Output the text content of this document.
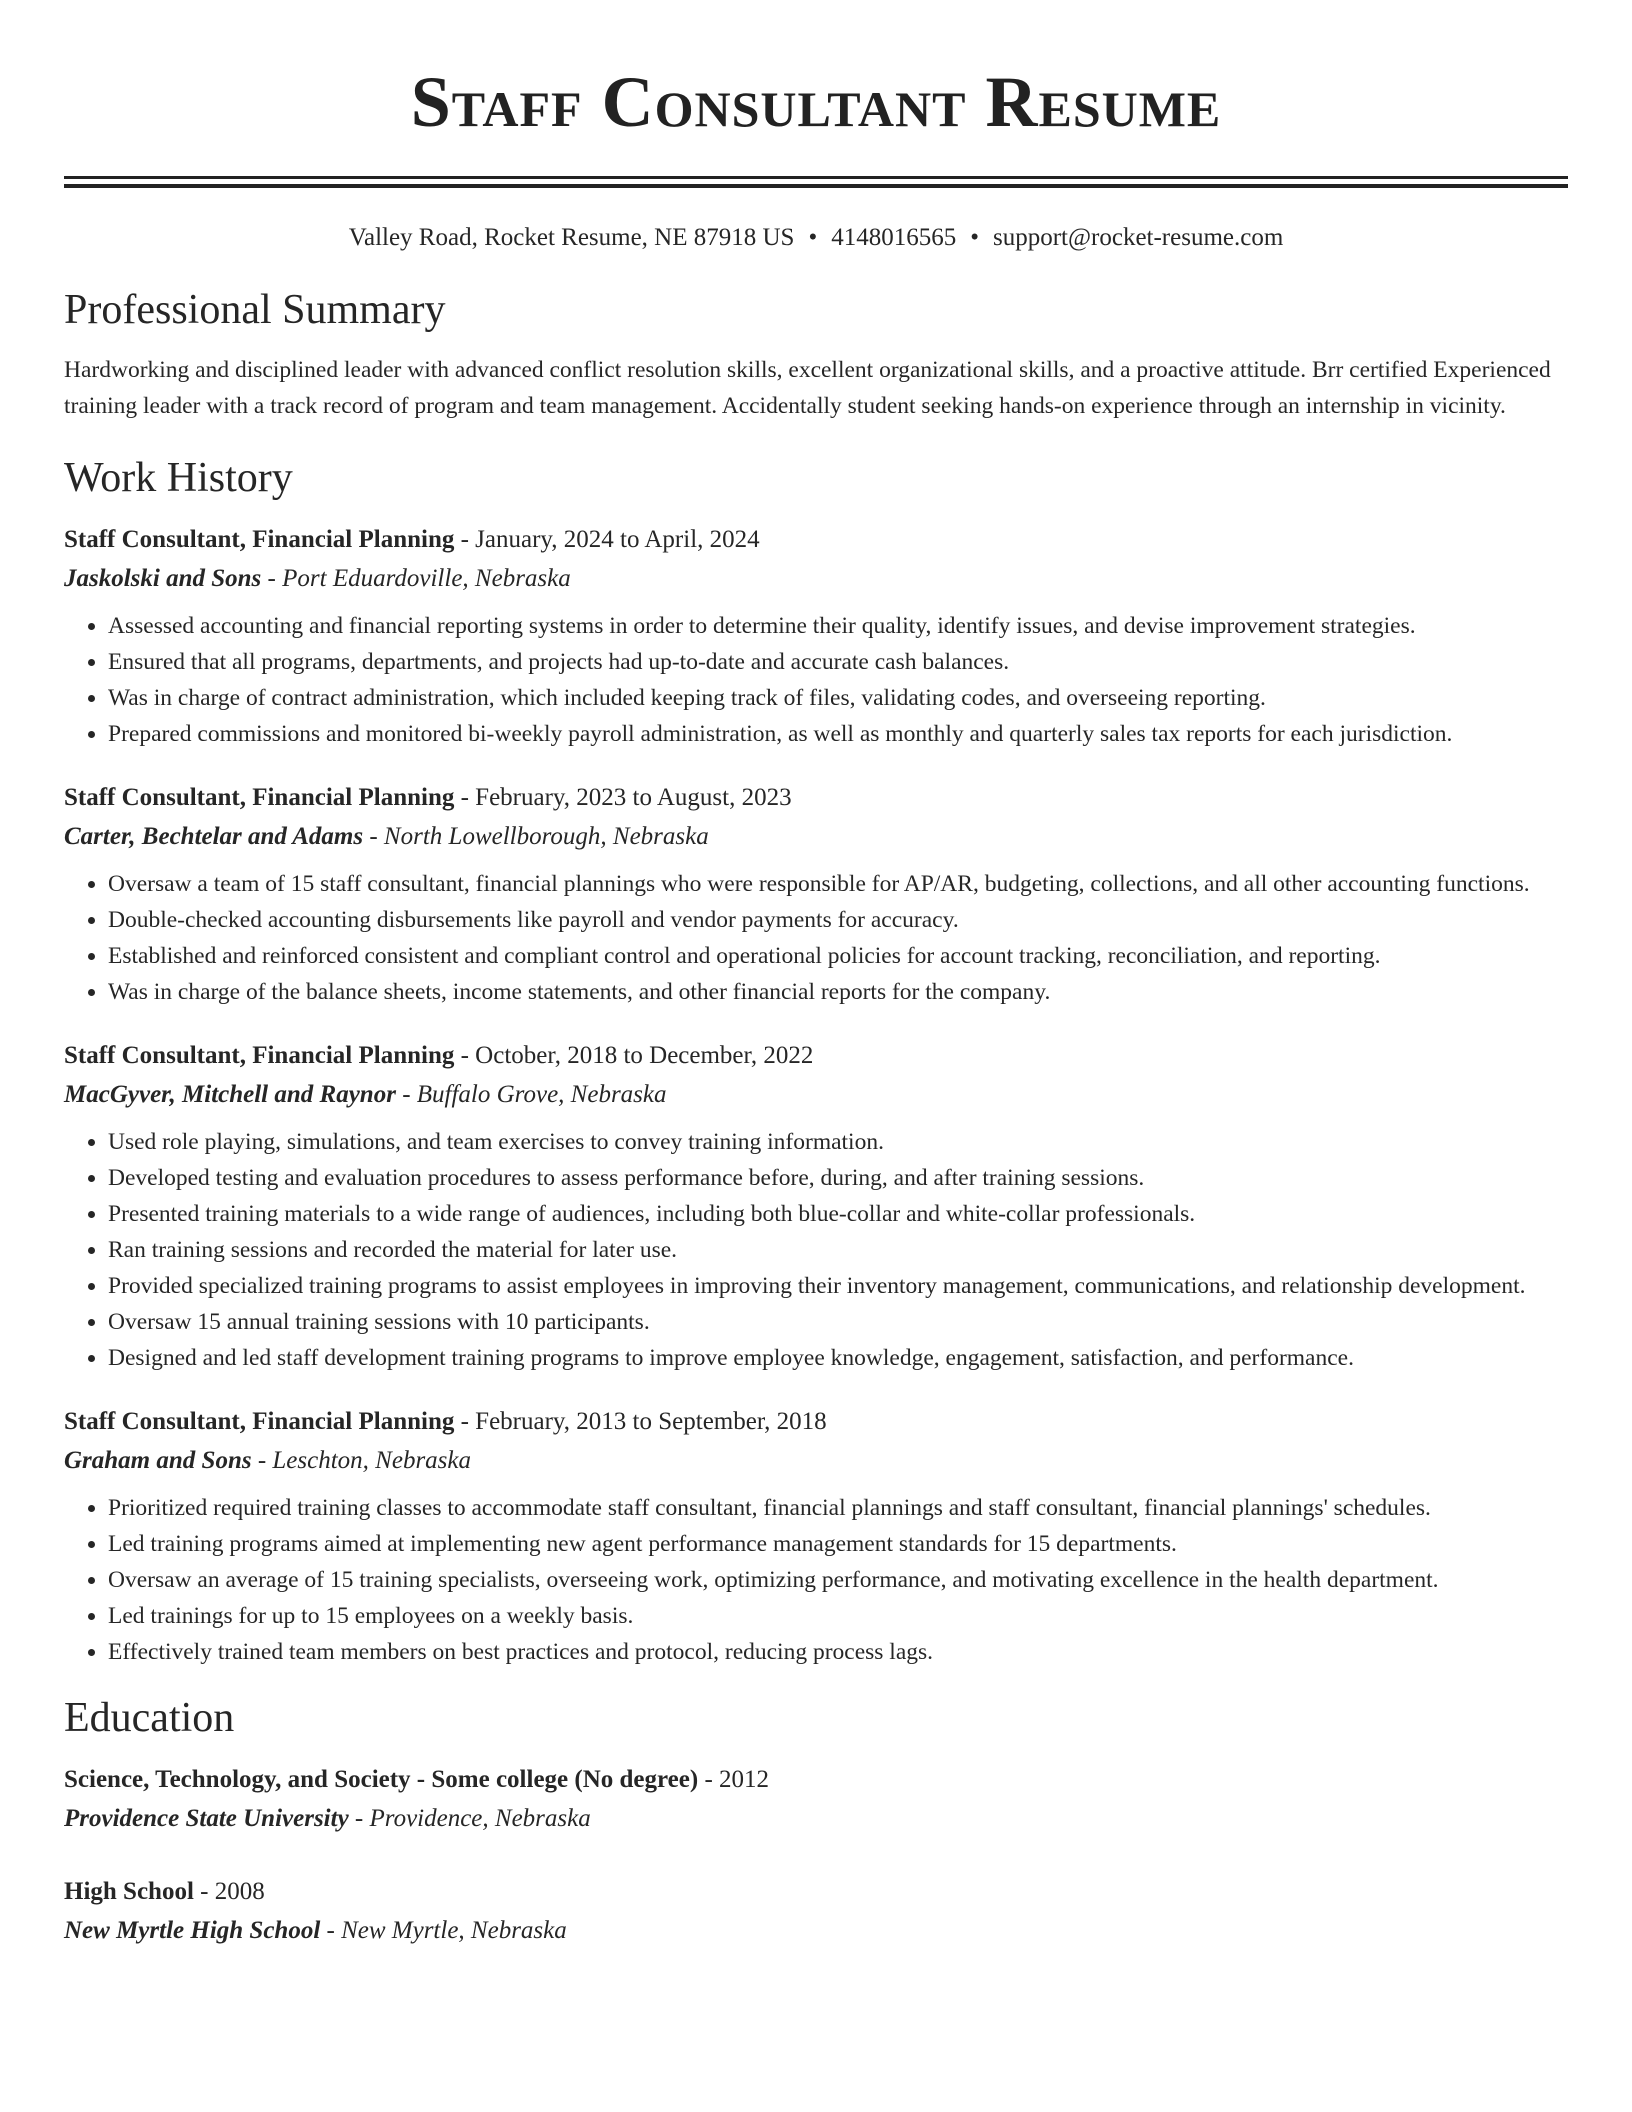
Staff Consultant Resume
Valley Road, Rocket Resume, NE 87918 US • 4148016565 • support@rocket-resume.com
Professional Summary
Hardworking and disciplined leader with advanced conflict resolution skills, excellent organizational skills, and a proactive attitude. Brr certified Experienced training leader with a track record of program and team management. Accidentally student seeking hands-on experience through an internship in vicinity.
Work History
Staff Consultant, Financial Planning - January, 2024 to April, 2024
Jaskolski and Sons - Port Eduardoville, Nebraska
• Assessed accounting and financial reporting systems in order to determine their quality, identify issues, and devise improvement strategies.
• Ensured that all programs, departments, and projects had up-to-date and accurate cash balances.
• Was in charge of contract administration, which included keeping track of files, validating codes, and overseeing reporting.
• Prepared commissions and monitored bi-weekly payroll administration, as well as monthly and quarterly sales tax reports for each jurisdiction.
Staff Consultant, Financial Planning - February, 2023 to August, 2023
Carter, Bechtelar and Adams - North Lowellborough, Nebraska
• Oversaw a team of 15 staff consultant, financial plannings who were responsible for AP/AR, budgeting, collections, and all other accounting functions.
• Double-checked accounting disbursements like payroll and vendor payments for accuracy.
• Established and reinforced consistent and compliant control and operational policies for account tracking, reconciliation, and reporting.
• Was in charge of the balance sheets, income statements, and other financial reports for the company.
Staff Consultant, Financial Planning - October, 2018 to December, 2022
MacGyver, Mitchell and Raynor - Buffalo Grove, Nebraska
• Used role playing, simulations, and team exercises to convey training information.
• Developed testing and evaluation procedures to assess performance before, during, and after training sessions.
• Presented training materials to a wide range of audiences, including both blue-collar and white-collar professionals.
• Ran training sessions and recorded the material for later use.
• Provided specialized training programs to assist employees in improving their inventory management, communications, and relationship development.
• Oversaw 15 annual training sessions with 10 participants.
• Designed and led staff development training programs to improve employee knowledge, engagement, satisfaction, and performance.
Staff Consultant, Financial Planning - February, 2013 to September, 2018
Graham and Sons - Leschton, Nebraska
• Prioritized required training classes to accommodate staff consultant, financial plannings and staff consultant, financial plannings' schedules.
• Led training programs aimed at implementing new agent performance management standards for 15 departments.
• Oversaw an average of 15 training specialists, overseeing work, optimizing performance, and motivating excellence in the health department.
• Led trainings for up to 15 employees on a weekly basis.
• Effectively trained team members on best practices and protocol, reducing process lags.
Education
Science, Technology, and Society - Some college (No degree) - 2012
Providence State University - Providence, Nebraska
High School - 2008
New Myrtle High School - New Myrtle, Nebraska
